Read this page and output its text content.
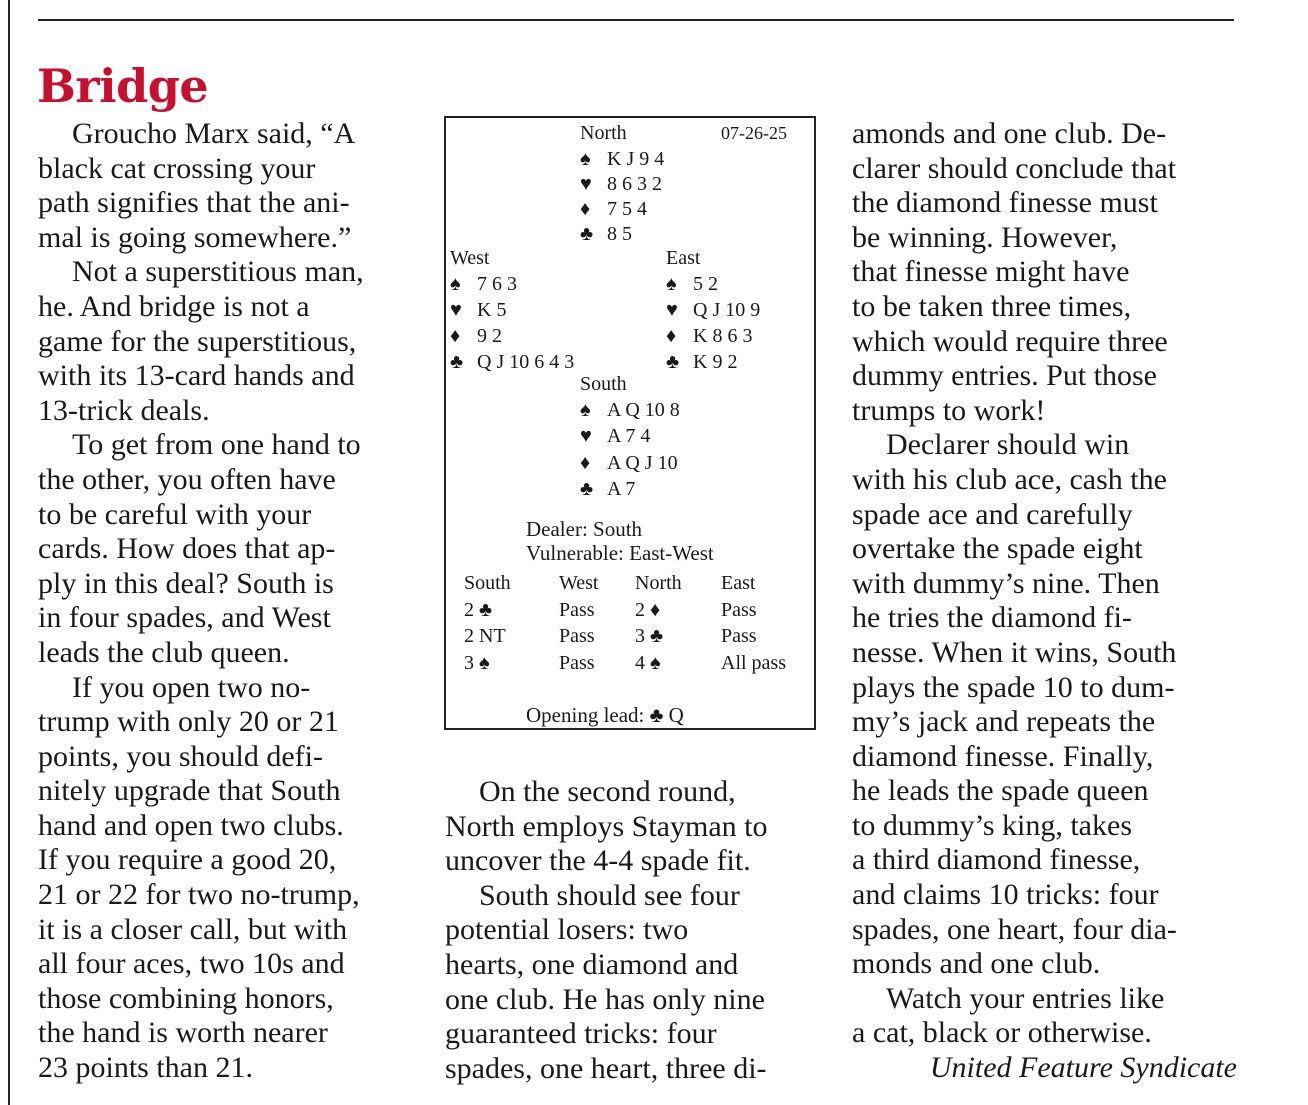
Bridge

Groucho Marx said, “A

black cat crossing your

path signifies that the ani-

mal is going somewhere.”

Not a superstitious man,

he. And bridge is not a

game for the superstitious,

with its 13-card hands and

13-trick deals.

To get from one hand to

the other, you often have

to be careful with your

cards. How does that ap-

ply in this deal? South is

in four spades, and West

leads the club queen.

If you open two no-

trump with only 20 or 21

points, you should defi-

nitely upgrade that South

hand and open two clubs.

If you require a good 20,

21 or 22 for two no-trump,

it is a closer call, but with

all four aces, two 10s and

those combining honors,

the hand is worth nearer

23 points than 21.

North	07-26-25
♠ K J 9 4
♥ 8 6 3 2
♦ 7 5 4
♣ 8 5
West
♠ 7 6 3
♥ K 5
♦ 9 2
♣ Q J 10 6 4 3
East
♠ 5 2
♥ Q J 10 9
♦ K 8 6 3
♣ K 9 2
South
♠ A Q 10 8
♥ A 7 4
♦ A Q J 10
♣ A 7
Dealer: South
Vulnerable: East-West
South West North East
2 ♣	Pass 2 ♦	Pass
2 NT	Pass 3 ♣	Pass
3 ♠	Pass 4 ♠	All pass
Opening lead: ♣ Q

On the second round,

North employs Stayman to

uncover the 4-4 spade fit.

South should see four

potential losers: two

hearts, one diamond and

one club. He has only nine

guaranteed tricks: four

spades, one heart, three di-

amonds and one club. De-

clarer should conclude that

the diamond finesse must

be winning. However,

that finesse might have

to be taken three times,

which would require three

dummy entries. Put those

trumps to work!

Declarer should win

with his club ace, cash the

spade ace and carefully

overtake the spade eight

with dummy’s nine. Then

he tries the diamond fi-

nesse. When it wins, South

plays the spade 10 to dum-

my’s jack and repeats the

diamond finesse. Finally,

he leads the spade queen

to dummy’s king, takes

a third diamond finesse,

and claims 10 tricks: four

spades, one heart, four dia-

monds and one club.

Watch your entries like

a cat, black or otherwise.

United Feature Syndicate
